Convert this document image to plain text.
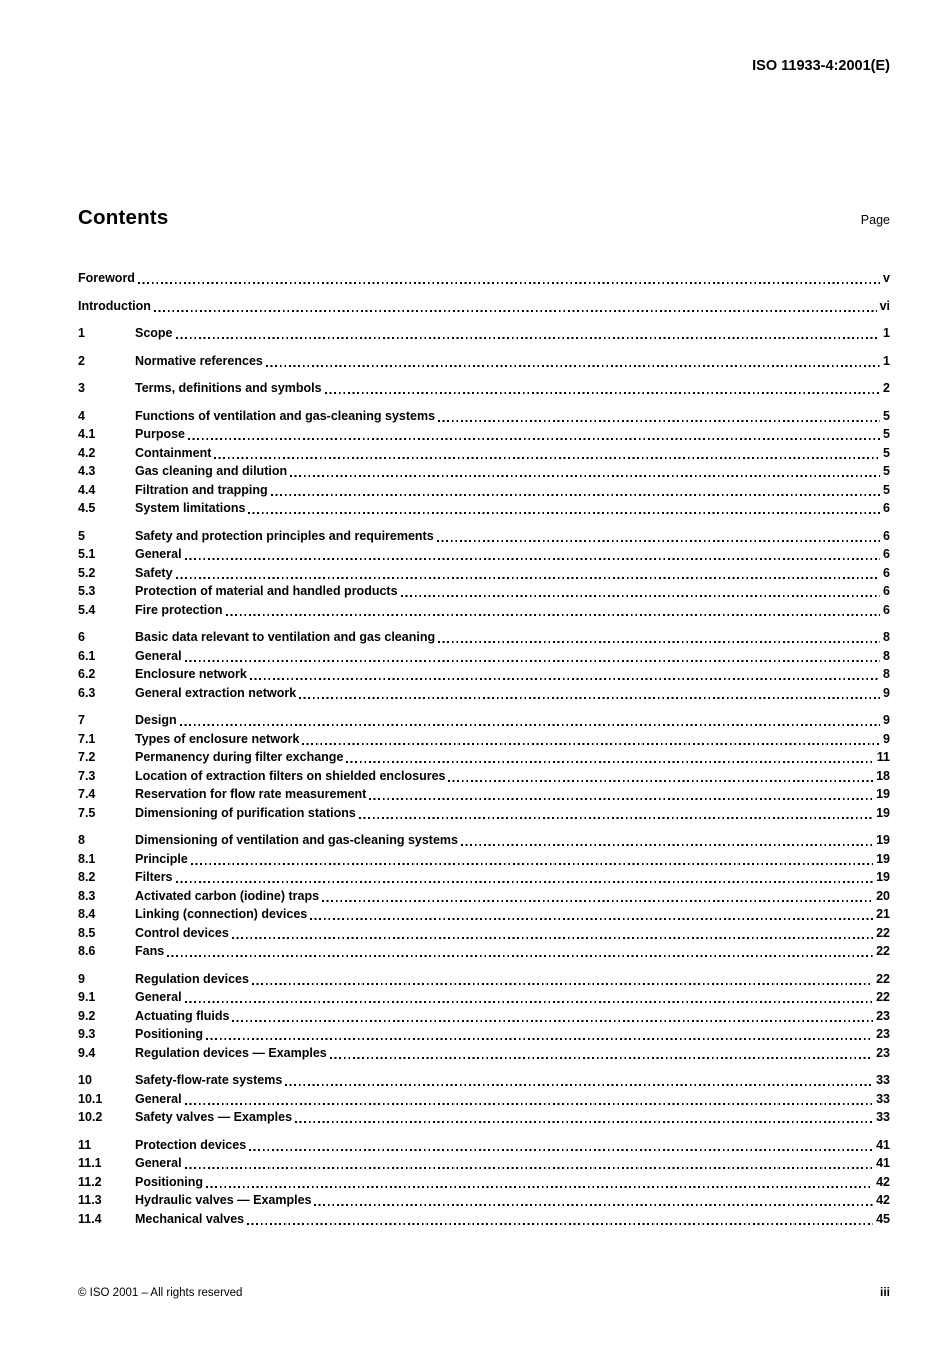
ISO 11933-4:2001(E)
Contents	Page
Foreword	v
Introduction	vi
1	Scope	1
2	Normative references	1
3	Terms, definitions and symbols	2
4	Functions of ventilation and gas-cleaning systems	5
4.1	Purpose	5
4.2	Containment	5
4.3	Gas cleaning and dilution	5
4.4	Filtration and trapping	5
4.5	System limitations	6
5	Safety and protection principles and requirements	6
5.1	General	6
5.2	Safety	6
5.3	Protection of material and handled products	6
5.4	Fire protection	6
6	Basic data relevant to ventilation and gas cleaning	8
6.1	General	8
6.2	Enclosure network	8
6.3	General extraction network	9
7	Design	9
7.1	Types of enclosure network	9
7.2	Permanency during filter exchange	11
7.3	Location of extraction filters on shielded enclosures	18
7.4	Reservation for flow rate measurement	19
7.5	Dimensioning of purification stations	19
8	Dimensioning of ventilation and gas-cleaning systems	19
8.1	Principle	19
8.2	Filters	19
8.3	Activated carbon (iodine) traps	20
8.4	Linking (connection) devices	21
8.5	Control devices	22
8.6	Fans	22
9	Regulation devices	22
9.1	General	22
9.2	Actuating fluids	23
9.3	Positioning	23
9.4	Regulation devices — Examples	23
10	Safety-flow-rate systems	33
10.1	General	33
10.2	Safety valves — Examples	33
11	Protection devices	41
11.1	General	41
11.2	Positioning	42
11.3	Hydraulic valves — Examples	42
11.4	Mechanical valves	45
© ISO 2001 – All rights reserved	iii
